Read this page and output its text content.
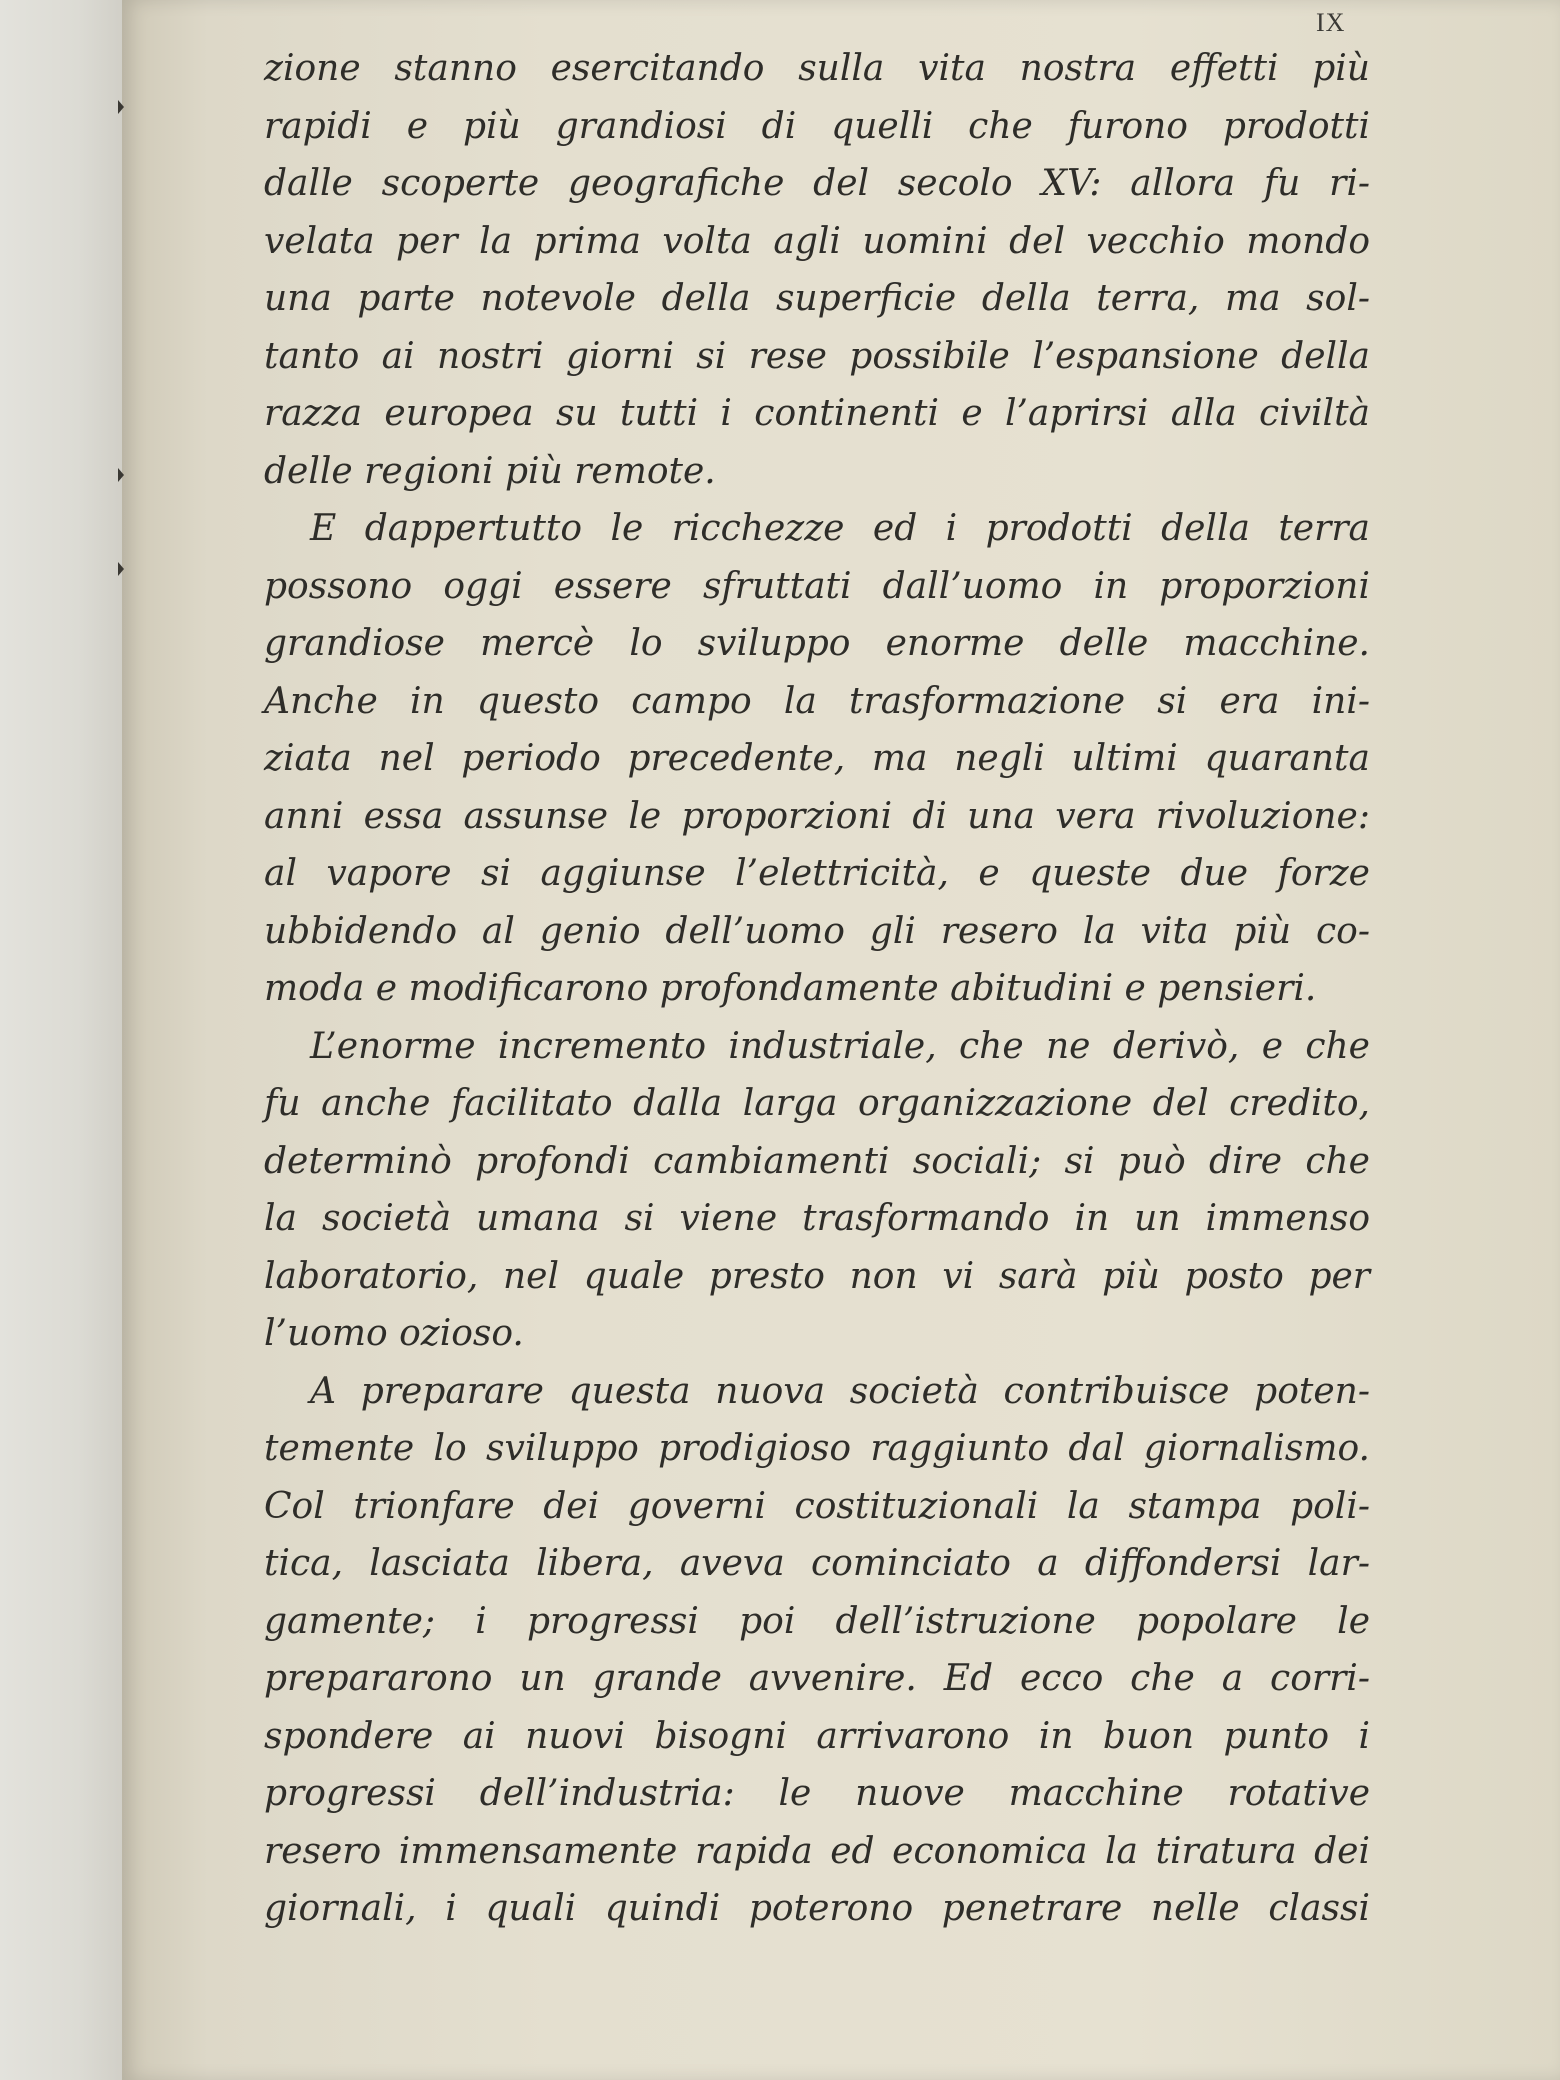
IX
zione stanno esercitando sulla vita nostra effetti più
rapidi e più grandiosi di quelli che furono prodotti
dalle scoperte geografiche del secolo XV: allora fu ri-
velata per la prima volta agli uomini del vecchio mondo
una parte notevole della superficie della terra, ma sol-
tanto ai nostri giorni si rese possibile l’espansione della
razza europea su tutti i continenti e l’aprirsi alla civiltà
delle regioni più remote.
E dappertutto le ricchezze ed i prodotti della terra
possono oggi essere sfruttati dall’uomo in proporzioni
grandiose mercè lo sviluppo enorme delle macchine.
Anche in questo campo la trasformazione si era ini-
ziata nel periodo precedente, ma negli ultimi quaranta
anni essa assunse le proporzioni di una vera rivoluzione:
al vapore si aggiunse l’elettricità, e queste due forze
ubbidendo al genio dell’uomo gli resero la vita più co-
moda e modificarono profondamente abitudini e pensieri.
L’enorme incremento industriale, che ne derivò, e che
fu anche facilitato dalla larga organizzazione del credito,
determinò profondi cambiamenti sociali; si può dire che
la società umana si viene trasformando in un immenso
laboratorio, nel quale presto non vi sarà più posto per
l’uomo ozioso.
A preparare questa nuova società contribuisce poten-
temente lo sviluppo prodigioso raggiunto dal giornalismo.
Col trionfare dei governi costituzionali la stampa poli-
tica, lasciata libera, aveva cominciato a diffondersi lar-
gamente; i progressi poi dell’istruzione popolare le
prepararono un grande avvenire. Ed ecco che a corri-
spondere ai nuovi bisogni arrivarono in buon punto i
progressi dell’industria: le nuove macchine rotative
resero immensamente rapida ed economica la tiratura dei
giornali, i quali quindi poterono penetrare nelle classi
